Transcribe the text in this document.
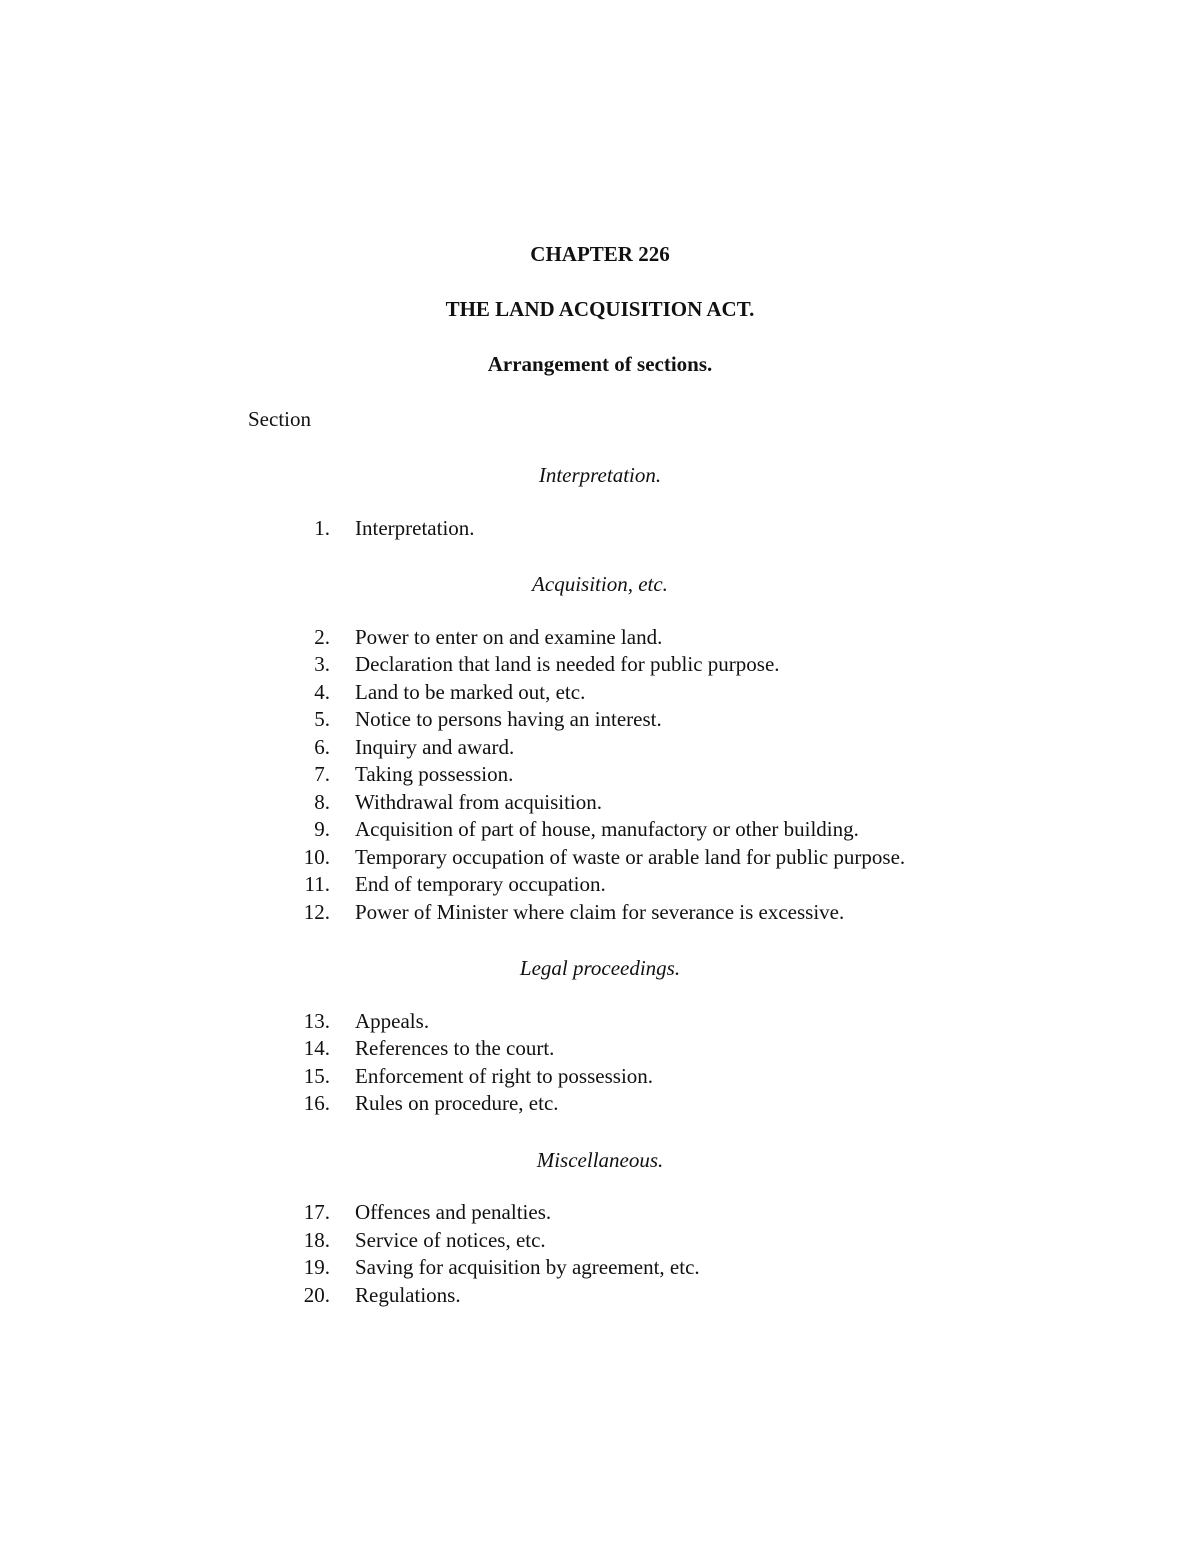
CHAPTER 226
THE LAND ACQUISITION ACT.
Arrangement of sections.
Section
Interpretation.
1. Interpretation.
Acquisition, etc.
2. Power to enter on and examine land.
3. Declaration that land is needed for public purpose.
4. Land to be marked out, etc.
5. Notice to persons having an interest.
6. Inquiry and award.
7. Taking possession.
8. Withdrawal from acquisition.
9. Acquisition of part of house, manufactory or other building.
10. Temporary occupation of waste or arable land for public purpose.
11. End of temporary occupation.
12. Power of Minister where claim for severance is excessive.
Legal proceedings.
13. Appeals.
14. References to the court.
15. Enforcement of right to possession.
16. Rules on procedure, etc.
Miscellaneous.
17. Offences and penalties.
18. Service of notices, etc.
19. Saving for acquisition by agreement, etc.
20. Regulations.
